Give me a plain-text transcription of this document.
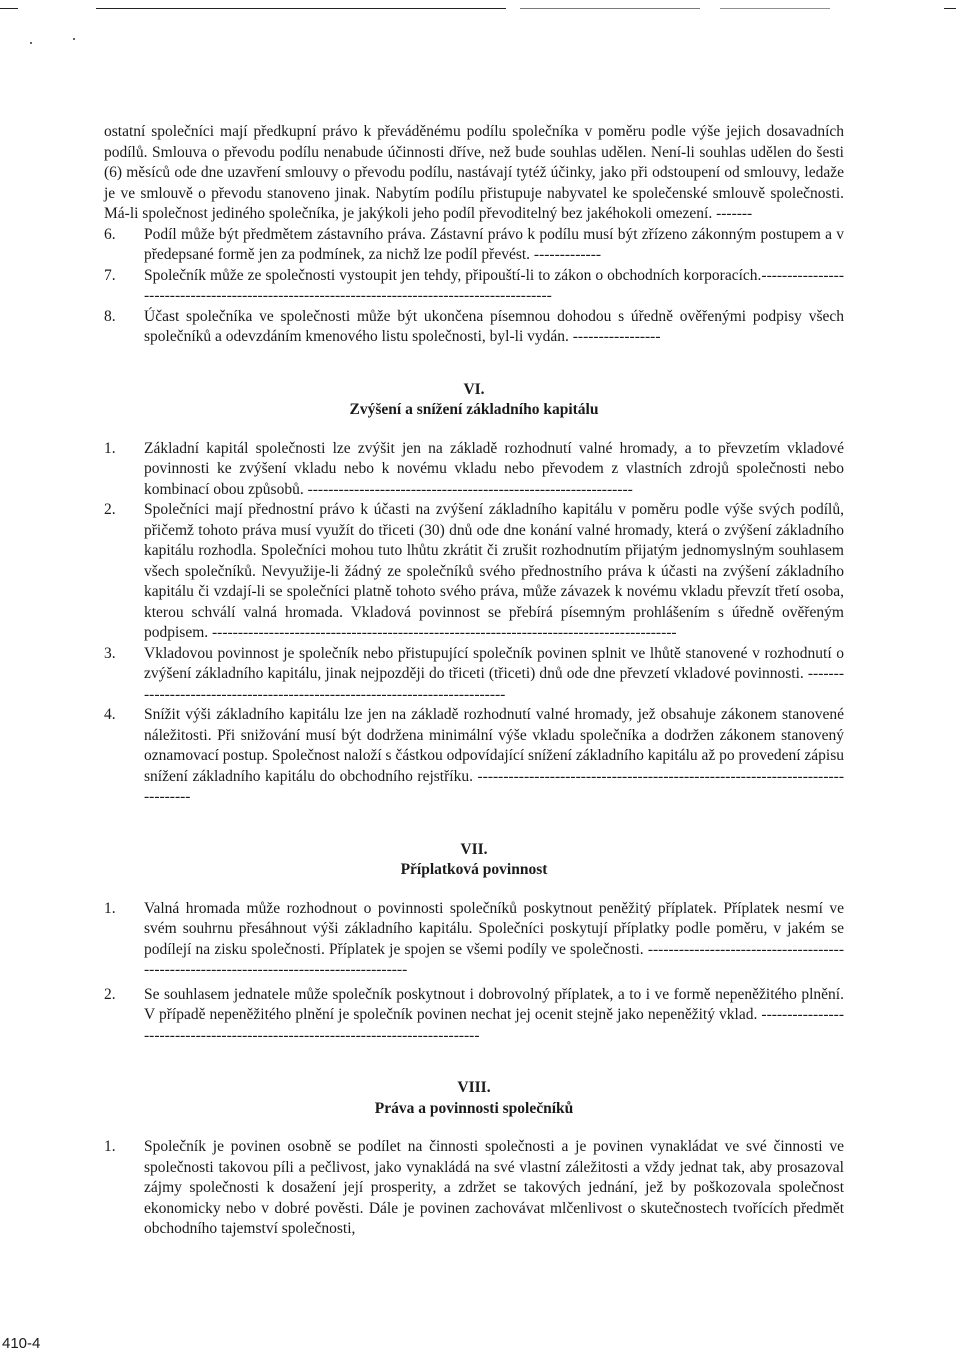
ostatní společníci mají předkupní právo k převáděnému podílu společníka v poměru podle výše jejich dosavadních podílů. Smlouva o převodu podílu nenabude účinnosti dříve, než bude souhlas udělen. Není-li souhlas udělen do šesti (6) měsíců ode dne uzavření smlouvy o převodu podílu, nastávají tytéž účinky, jako při odstoupení od smlouvy, ledaže je ve smlouvě o převodu stanoveno jinak. Nabytím podílu přistupuje nabyvatel ke společenské smlouvě společnosti. Má-li společnost jediného společníka, je jakýkoli jeho podíl převoditelný bez jakéhokoli omezení. -------

6.	Podíl může být předmětem zástavního práva. Zástavní právo k podílu musí být zřízeno zákonným postupem a v předepsané formě jen za podmínek, za nichž lze podíl převést. -------------
7.	Společník může ze společnosti vystoupit jen tehdy, připouští-li to zákon o obchodních korporacích.-----------------------------------------------------------------------------------------------
8.	Účast společníka ve společnosti může být ukončena písemnou dohodou s úředně ověřenými podpisy všech společníků a odevzdáním kmenového listu společnosti, byl-li vydán. -----------------
VI.
Zvýšení a snížení základního kapitálu
1.	Základní kapitál společnosti lze zvýšit jen na základě rozhodnutí valné hromady, a to převzetím vkladové povinnosti ke zvýšení vkladu nebo k novému vkladu nebo převodem z vlastních zdrojů společnosti nebo kombinací obou způsobů. ---------------------------------------------------------------
2.	Společníci mají přednostní právo k účasti na zvýšení základního kapitálu v poměru podle výše svých podílů, přičemž tohoto práva musí využít do třiceti (30) dnů ode dne konání valné hromady, která o zvýšení základního kapitálu rozhodla. Společníci mohou tuto lhůtu zkrátit či zrušit rozhodnutím přijatým jednomyslným souhlasem všech společníků. Nevyužije-li žádný ze společníků svého přednostního práva k účasti na zvýšení základního kapitálu či vzdají-li se společníci platně tohoto svého práva, může závazek k novému vkladu převzít třetí osoba, kterou schválí valná hromada. Vkladová povinnost se přebírá písemným prohlášením s úředně ověřeným podpisem. ------------------------------------------------------------------------------------------
3.	Vkladovou povinnost je společník nebo přistupující společník povinen splnit ve lhůtě stanovené v rozhodnutí o zvýšení základního kapitálu, jinak nejpozději do třiceti (třiceti) dnů ode dne převzetí vkladové povinnosti. -----------------------------------------------------------------------------
4.	Snížit výši základního kapitálu lze jen na základě rozhodnutí valné hromady, jež obsahuje zákonem stanovené náležitosti. Při snižování musí být dodržena minimální výše vkladu společníka a dodržen zákonem stanovený oznamovací postup. Společnost naloží s částkou odpovídající snížení základního kapitálu až po provedení zápisu snížení základního kapitálu do obchodního rejstříku. --------------------------------------------------------------------------------
VII.
Příplatková povinnost
1.	Valná hromada může rozhodnout o povinnosti společníků poskytnout peněžitý příplatek. Příplatek nesmí ve svém souhrnu přesáhnout výši základního kapitálu. Společníci poskytují příplatky podle poměru, v jakém se podílejí na zisku společnosti. Příplatek je spojen se všemi podíly ve společnosti. -----------------------------------------------------------------------------------------
2.	Se souhlasem jednatele může společník poskytnout i dobrovolný příplatek, a to i ve formě nepeněžitého plnění. V případě nepeněžitého plnění je společník povinen nechat jej ocenit stejně jako nepeněžitý vklad. ---------------------------------------------------------------------------------
VIII.
Práva a povinnosti společníků
1.	Společník je povinen osobně se podílet na činnosti společnosti a je povinen vynakládat ve své činnosti ve společnosti takovou píli a pečlivost, jako vynakládá na své vlastní záležitosti a vždy jednat tak, aby prosazoval zájmy společnosti k dosažení její prosperity, a zdržet se takových jednání, jež by poškozovala společnost ekonomicky nebo v dobré pověsti. Dále je povinen zachovávat mlčenlivost o skutečnostech tvořících předmět obchodního tajemství společnosti,
410-4
